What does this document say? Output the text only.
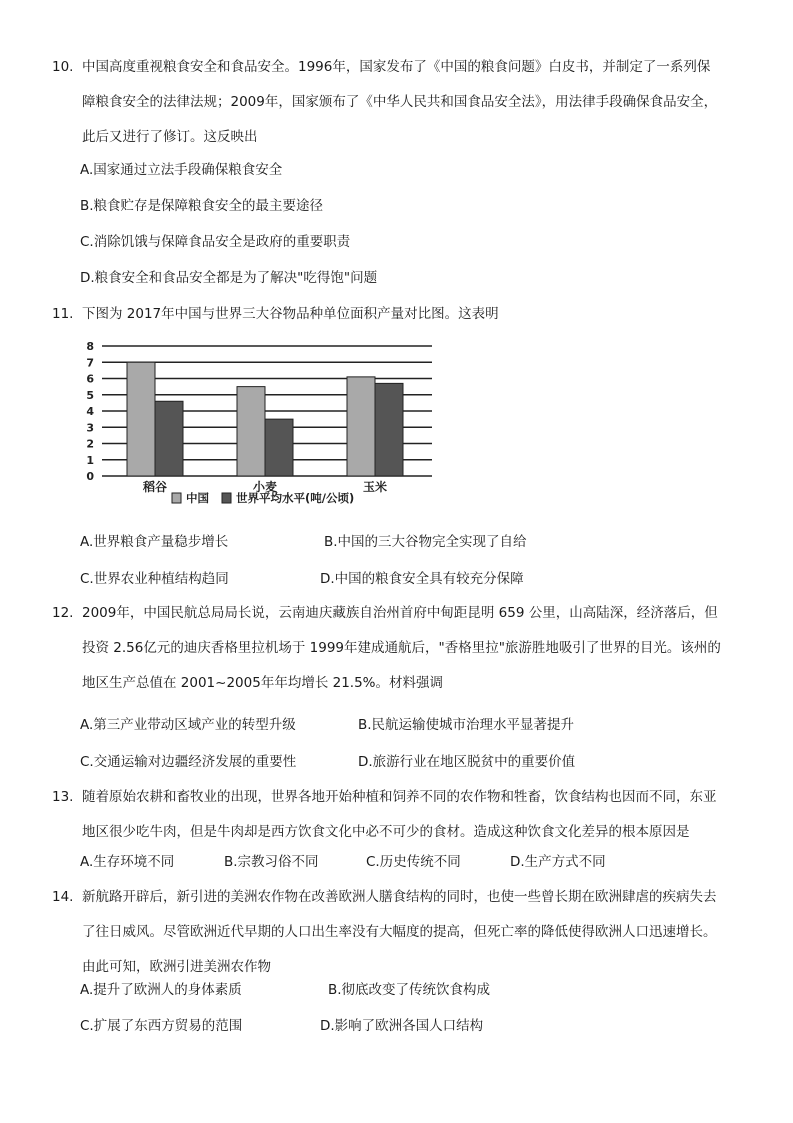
10. 中国高度重视粮食安全和食品安全。1996年，国家发布了《中国的粮食问题》白皮书，并制定了一系列保
障粮食安全的法律法规；2009年，国家颁布了《中华人民共和国食品安全法》，用法律手段确保食品安全，
此后又进行了修订。这反映出
A.国家通过立法手段确保粮食安全
B.粮食贮存是保障粮食安全的最主要途径
C.消除饥饿与保障食品安全是政府的重要职责
D.粮食安全和食品安全都是为了解决"吃得饱"问题
11. 下图为 2017年中国与世界三大谷物品种单位面积产量对比图。这表明
0
1
2
3
4
5
6
7
8
稻谷	小麦	玉米
中国 世界平均水平(吨/公顷)
A.世界粮食产量稳步增长	B.中国的三大谷物完全实现了自给
C.世界农业种植结构趋同	D.中国的粮食安全具有较充分保障
12. 2009年，中国民航总局局长说，云南迪庆藏族自治州首府中甸距昆明 659 公里，山高陆深，经济落后，但
投资 2.56亿元的迪庆香格里拉机场于 1999年建成通航后，"香格里拉"旅游胜地吸引了世界的目光。该州的
地区生产总值在 2001~2005年年均增长 21.5%。材料强调
A.第三产业带动区域产业的转型升级	B.民航运输使城市治理水平显著提升
C.交通运输对边疆经济发展的重要性	D.旅游行业在地区脱贫中的重要价值
13. 随着原始农耕和畜牧业的出现，世界各地开始种植和饲养不同的农作物和牲畜，饮食结构也因而不同，东亚
地区很少吃牛肉，但是牛肉却是西方饮食文化中必不可少的食材。造成这种饮食文化差异的根本原因是
A.生存环境不同	B.宗教习俗不同	C.历史传统不同	D.生产方式不同
14. 新航路开辟后，新引进的美洲农作物在改善欧洲人膳食结构的同时，也使一些曾长期在欧洲肆虐的疾病失去
了往日威风。尽管欧洲近代早期的人口出生率没有大幅度的提高，但死亡率的降低使得欧洲人口迅速增长。
由此可知，欧洲引进美洲农作物
A.提升了欧洲人的身体素质	B.彻底改变了传统饮食构成
C.扩展了东西方贸易的范围	D.影响了欧洲各国人口结构
